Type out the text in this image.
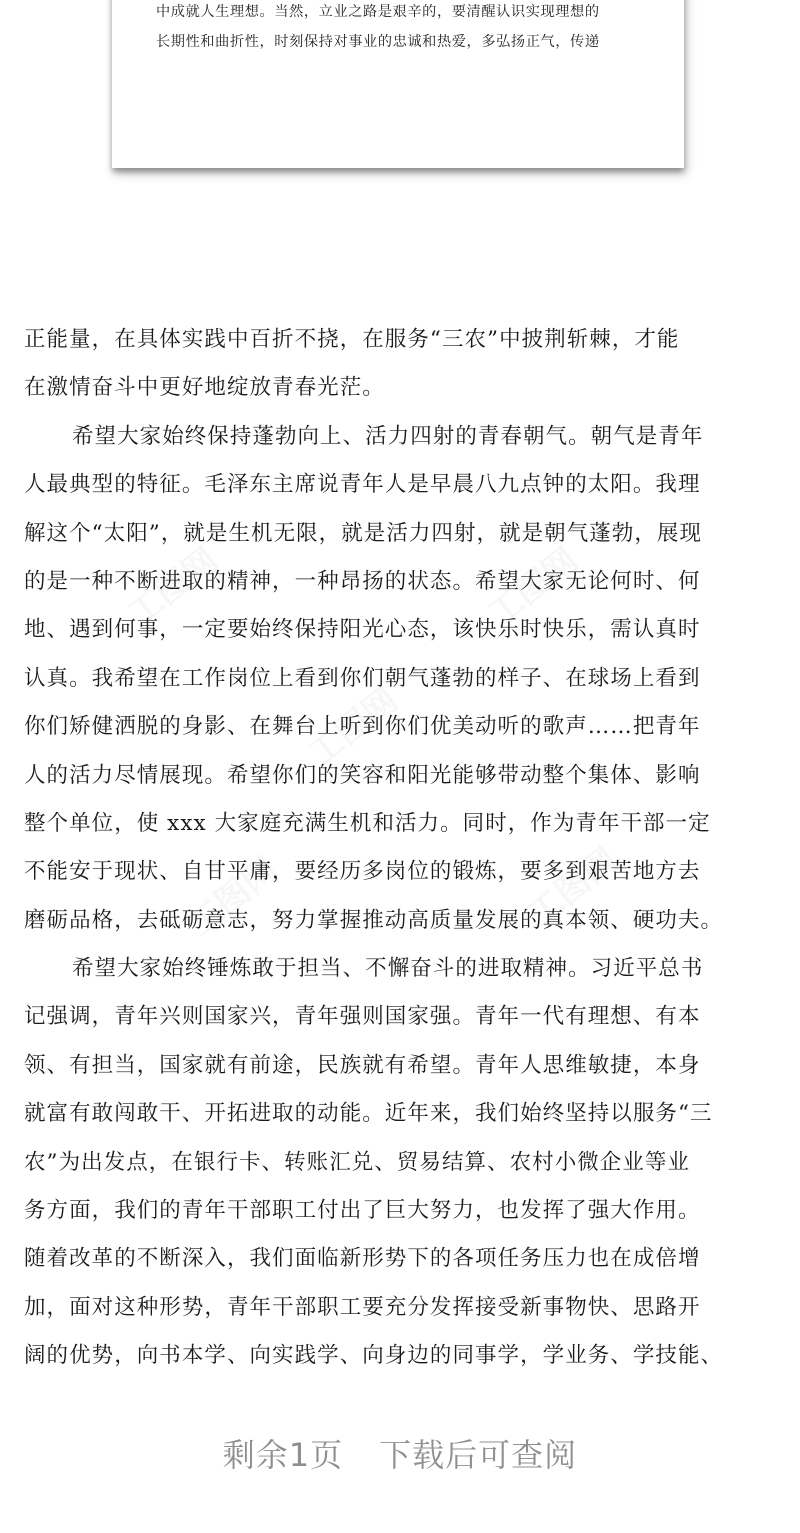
中成就人生理想。当然，立业之路是艰辛的，要清醒认识实现理想的
长期性和曲折性，时刻保持对事业的忠诚和热爱，多弘扬正气，传递
正能量，在具体实践中百折不挠，在服务“三农”中披荆斩棘，才能
在激情奋斗中更好地绽放青春光茫。
希望大家始终保持蓬勃向上、活力四射的青春朝气。朝气是青年
人最典型的特征。毛泽东主席说青年人是早晨八九点钟的太阳。我理
解这个“太阳”，就是生机无限，就是活力四射，就是朝气蓬勃，展现
的是一种不断进取的精神，一种昂扬的状态。希望大家无论何时、何
地、遇到何事，一定要始终保持阳光心态，该快乐时快乐，需认真时
认真。我希望在工作岗位上看到你们朝气蓬勃的样子、在球场上看到
你们矫健洒脱的身影、在舞台上听到你们优美动听的歌声……把青年
人的活力尽情展现。希望你们的笑容和阳光能够带动整个集体、影响
整个单位，使 xxx 大家庭充满生机和活力。同时，作为青年干部一定
不能安于现状、自甘平庸，要经历多岗位的锻炼，要多到艰苦地方去
磨砺品格，去砥砺意志，努力掌握推动高质量发展的真本领、硬功夫。
希望大家始终锤炼敢于担当、不懈奋斗的进取精神。习近平总书
记强调，青年兴则国家兴，青年强则国家强。青年一代有理想、有本
领、有担当，国家就有前途，民族就有希望。青年人思维敏捷，本身
就富有敢闯敢干、开拓进取的动能。近年来，我们始终坚持以服务“三
农”为出发点，在银行卡、转账汇兑、贸易结算、农村小微企业等业
务方面，我们的青年干部职工付出了巨大努力，也发挥了强大作用。
随着改革的不断深入，我们面临新形势下的各项任务压力也在成倍增
加，面对这种形势，青年干部职工要充分发挥接受新事物快、思路开
阔的优势，向书本学、向实践学、向身边的同事学，学业务、学技能、
剩余1页 下载后可查阅
